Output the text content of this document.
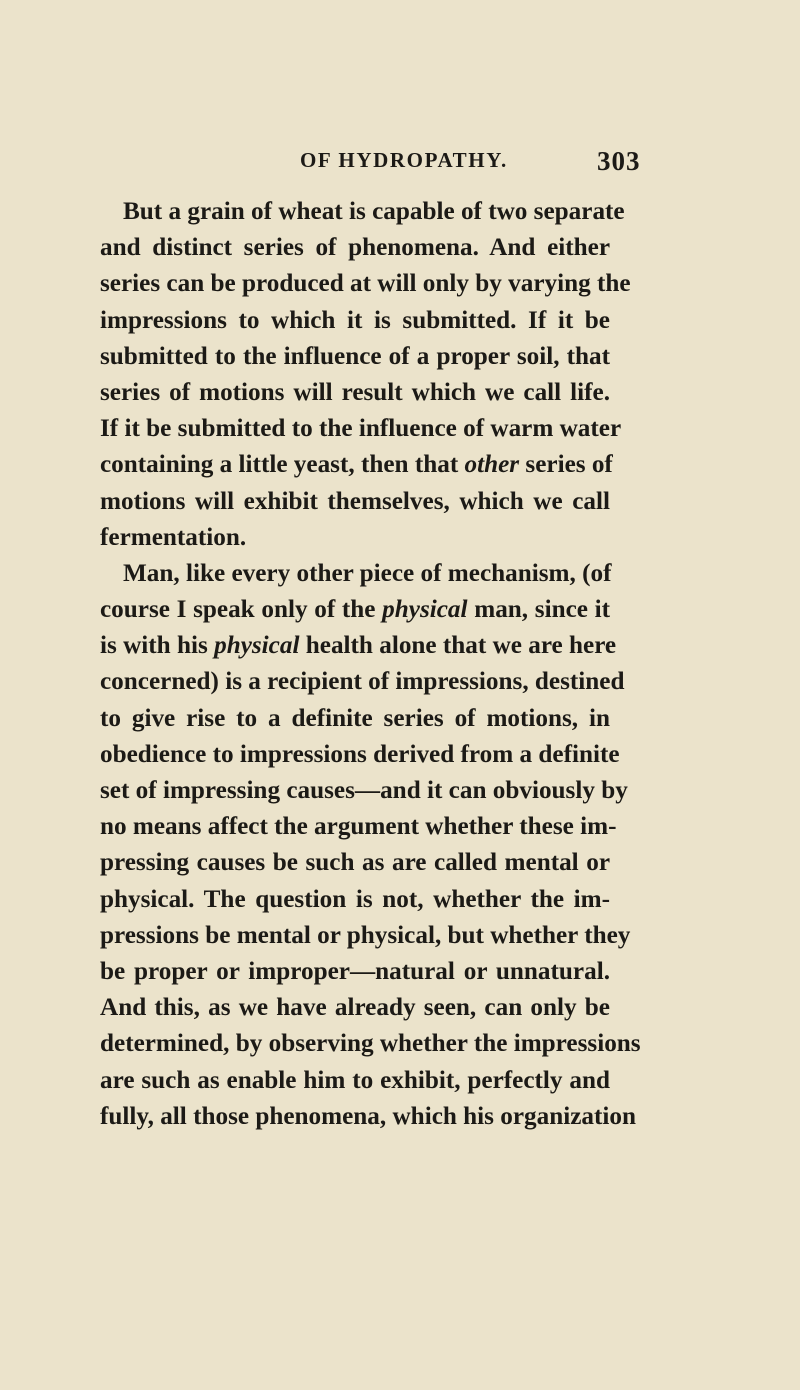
OF HYDROPATHY.	303
But a grain of wheat is capable of two separate
and distinct series of phenomena. And either
series can be produced at will only by varying the
impressions to which it is submitted. If it be
submitted to the influence of a proper soil, that
series of motions will result which we call life.
If it be submitted to the influence of warm water
containing a little yeast, then that other series of
motions will exhibit themselves, which we call
fermentation.
Man, like every other piece of mechanism, (of
course I speak only of the physical man, since it
is with his physical health alone that we are here
concerned) is a recipient of impressions, destined
to give rise to a definite series of motions, in
obedience to impressions derived from a definite
set of impressing causes—and it can obviously by
no means affect the argument whether these im-
pressing causes be such as are called mental or
physical. The question is not, whether the im-
pressions be mental or physical, but whether they
be proper or improper—natural or unnatural.
And this, as we have already seen, can only be
determined, by observing whether the impressions
are such as enable him to exhibit, perfectly and
fully, all those phenomena, which his organization
